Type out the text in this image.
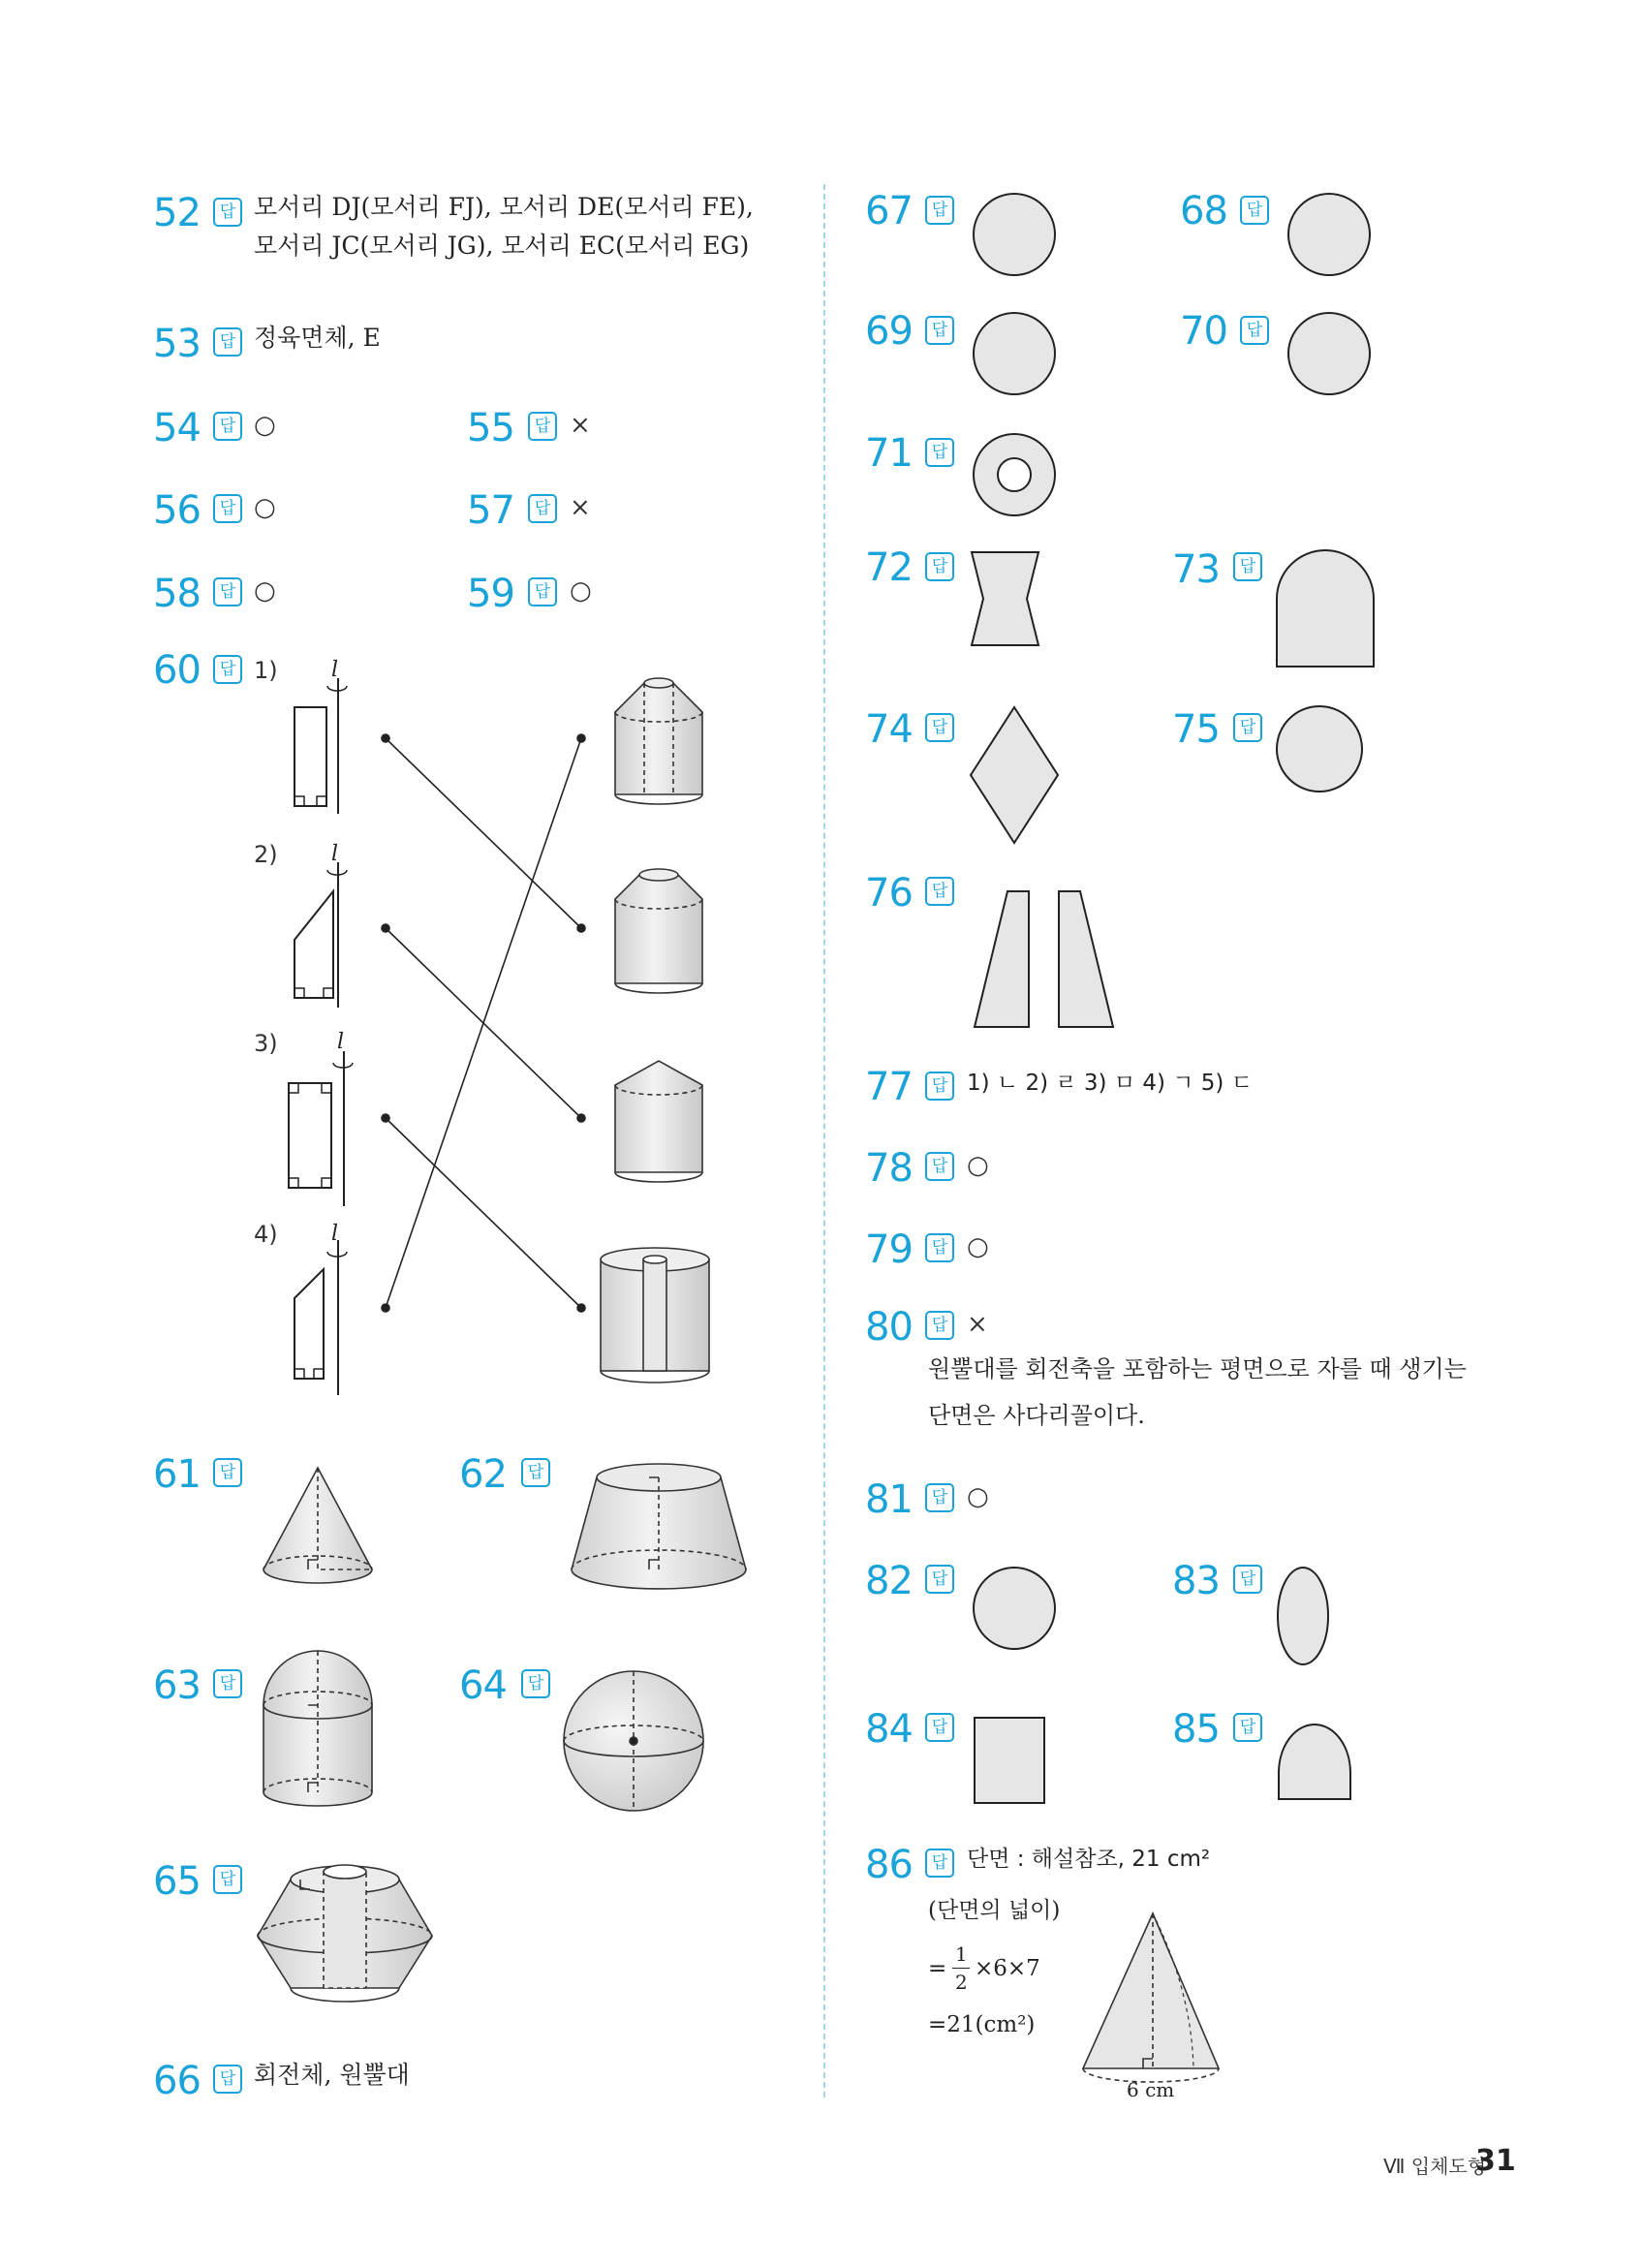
52	답 모서리 DJ(모서리 FJ), 모서리 DE(모서리 FE),
모서리 JC(모서리 JG), 모서리 EC(모서리 EG)
53	답 정육면체, E
54	답 ○	55	답 ×
56	답 ○	57	답 ×
58	답 ○	59	답 ○
60	답 1)
2)
3)
4)
61	답	62	답
63	답	64	답
65	답
66	답 회전체, 원뿔대
67	답	68	답
69	답	70	답
71	답
72	답	73	답
74	답	75	답
76	답
77	답 1) ㄴ 2) ㄹ 3) ㅁ 4) ㄱ 5) ㄷ
78	답 ○
79	답 ○
80	답 ×
원뿔대를 회전축을 포함하는 평면으로 자를 때 생기는
단면은 사다리꼴이다.
81	답 ○
82	답	83	답
84	답	85	답
86	답 단면 : 해설참조, 21 cm²
(단면의 넓이)
=
1
2
×6×7
=21(cm²)
6 cm
Ⅶ 입체도형
31
l
l
l
l
